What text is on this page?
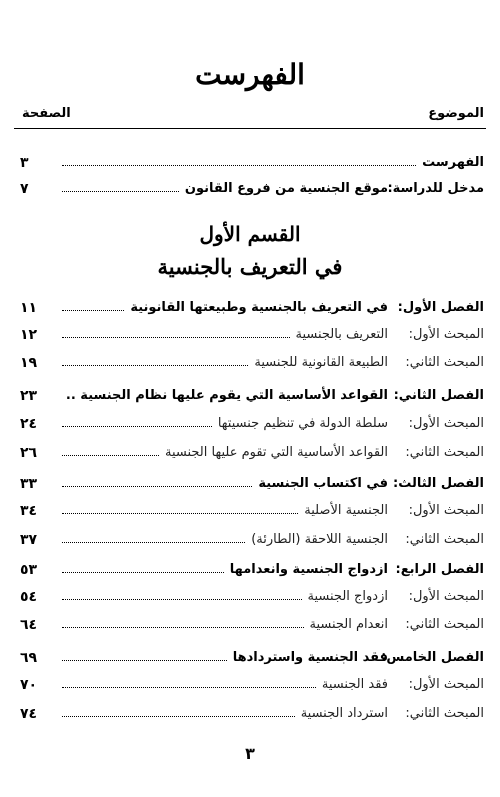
الفهرست
الموضوع
الصفحة
الفهرست
٣
مدخل للدراسة:
موقع الجنسية من فروع القانون
٧
القسم الأول
في التعريف بالجنسية
الفصل الأول:
في التعريف بالجنسية وطبيعتها القانونية
١١
المبحث الأول:
التعريف بالجنسية
١٢
المبحث الثاني:
الطبيعة القانونية للجنسية
١٩
الفصل الثاني:
القواعد الأساسية التي يقوم عليها نظام الجنسية ..
٢٣
المبحث الأول:
سلطة الدولة في تنظيم جنسيتها
٢٤
المبحث الثاني:
القواعد الأساسية التي تقوم عليها الجنسية
٢٦
الفصل الثالث:
في اكتساب الجنسية
٣٣
المبحث الأول:
الجنسية الأصلية
٣٤
المبحث الثاني:
الجنسية اللاحقة (الطارئة)
٣٧
الفصل الرابع:
ازدواج الجنسية وانعدامها
٥٣
المبحث الأول:
ازدواج الجنسية
٥٤
المبحث الثاني:
انعدام الجنسية
٦٤
الفصل الخامس:
فقد الجنسية واستردادها
٦٩
المبحث الأول:
فقد الجنسية
٧٠
المبحث الثاني:
استرداد الجنسية
٧٤
٣
